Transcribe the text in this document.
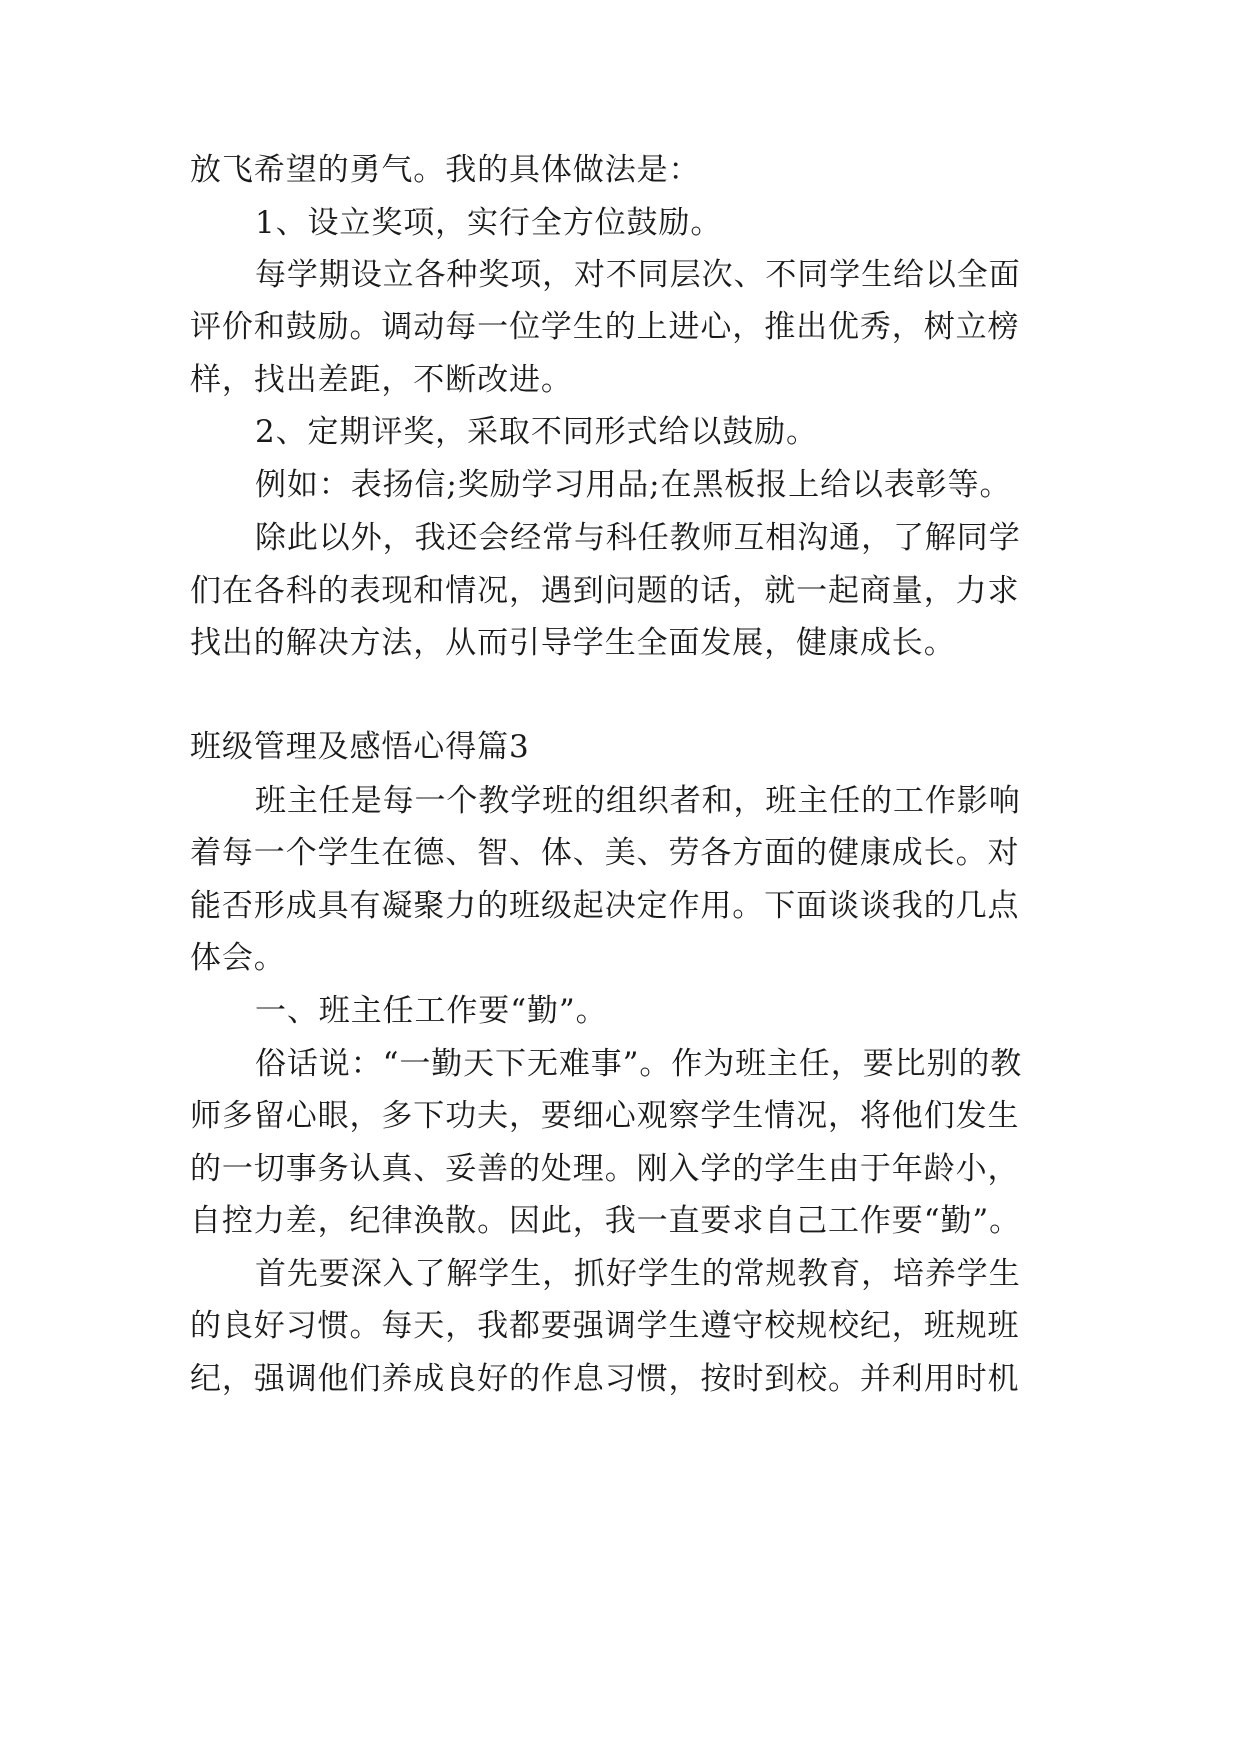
放飞希望的勇气。我的具体做法是：
1、设立奖项，实行全方位鼓励。
每学期设立各种奖项，对不同层次、不同学生给以全面
评价和鼓励。调动每一位学生的上进心，推出优秀，树立榜
样，找出差距，不断改进。
2、定期评奖，采取不同形式给以鼓励。
例如：表扬信;奖励学习用品;在黑板报上给以表彰等。
除此以外，我还会经常与科任教师互相沟通，了解同学
们在各科的表现和情况，遇到问题的话，就一起商量，力求
找出的解决方法，从而引导学生全面发展，健康成长。
班级管理及感悟心得篇3
班主任是每一个教学班的组织者和，班主任的工作影响
着每一个学生在德、智、体、美、劳各方面的健康成长。对
能否形成具有凝聚力的班级起决定作用。下面谈谈我的几点
体会。
一、班主任工作要“勤”。
俗话说：“一勤天下无难事”。作为班主任，要比别的教
师多留心眼，多下功夫，要细心观察学生情况，将他们发生
的一切事务认真、妥善的处理。刚入学的学生由于年龄小，
自控力差，纪律涣散。因此，我一直要求自己工作要“勤”。
首先要深入了解学生，抓好学生的常规教育，培养学生
的良好习惯。每天，我都要强调学生遵守校规校纪，班规班
纪，强调他们养成良好的作息习惯，按时到校。并利用时机
